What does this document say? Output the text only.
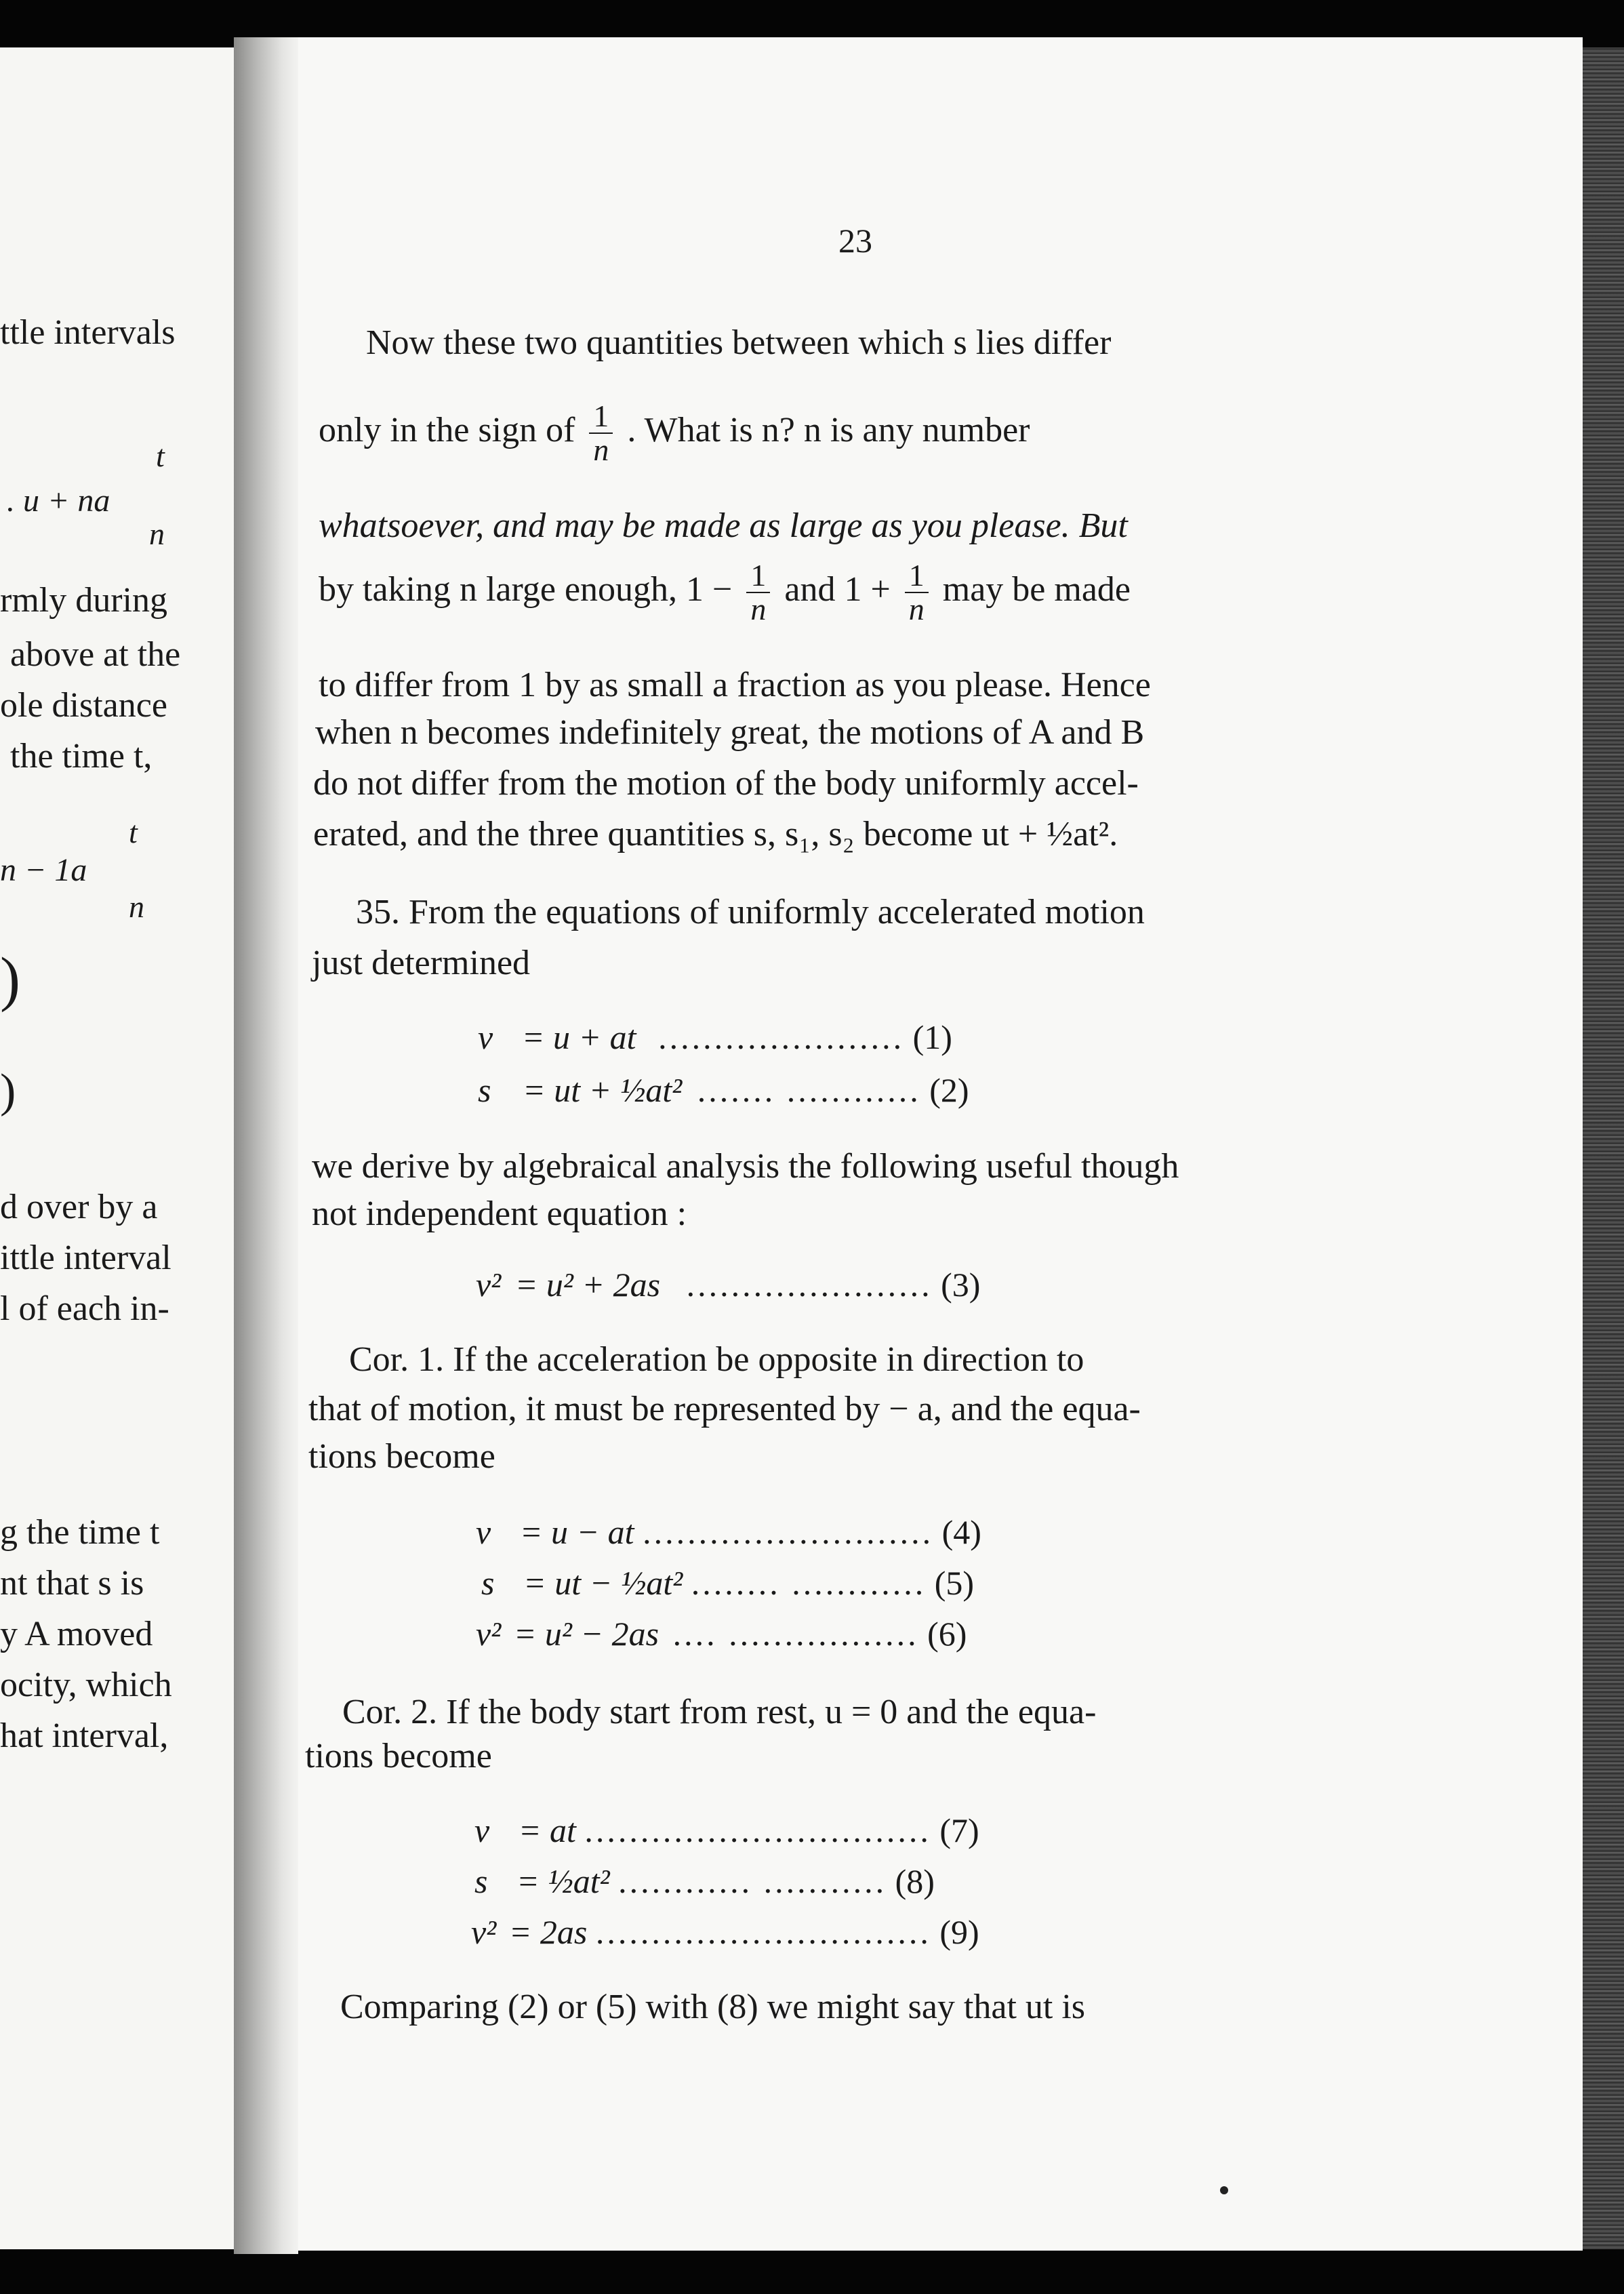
ttle intervals
t
. u + na
n
rmly during
above at the
ole distance
the time t,
t
n − 1a
n
)
)
d over by a
ittle interval
l of each in-
g the time t
nt that s is
y A moved
ocity, which
hat interval,
23
Now these two quantities between which s lies differ
only in the sign of $\frac{1}{n}$ . What is n? n is any number
whatsoever, and may be made as large as you please. But
by taking n large enough, $1 - \frac{1}{n}$ and $1 + \frac{1}{n}$ may be made
to differ from 1 by as small a fraction as you please. Hence
when n becomes indefinitely great, the motions of A and B
do not differ from the motion of the body uniformly accel-
erated, and the three quantities s, s₁, s₂ become ut + ½at².
35. From the equations of uniformly accelerated motion
just determined
v = u + at ...................... (1)
s = ut + ½at² ....... ............ (2)
we derive by algebraical analysis the following useful though
not independent equation :
v² = u² + 2as ...................... (3)
Cor. 1. If the acceleration be opposite in direction to
that of motion, it must be represented by − a, and the equa-
tions become
v = u − at .......................... (4)
s = ut − ½at² ........ ............ (5)
v² = u² − 2as .... ................. (6)
Cor. 2. If the body start from rest, u = 0 and the equa-
tions become
v = at ............................... (7)
s = ½at² ............ ........... (8)
v² = 2as .............................. (9)
Comparing (2) or (5) with (8) we might say that ut is
